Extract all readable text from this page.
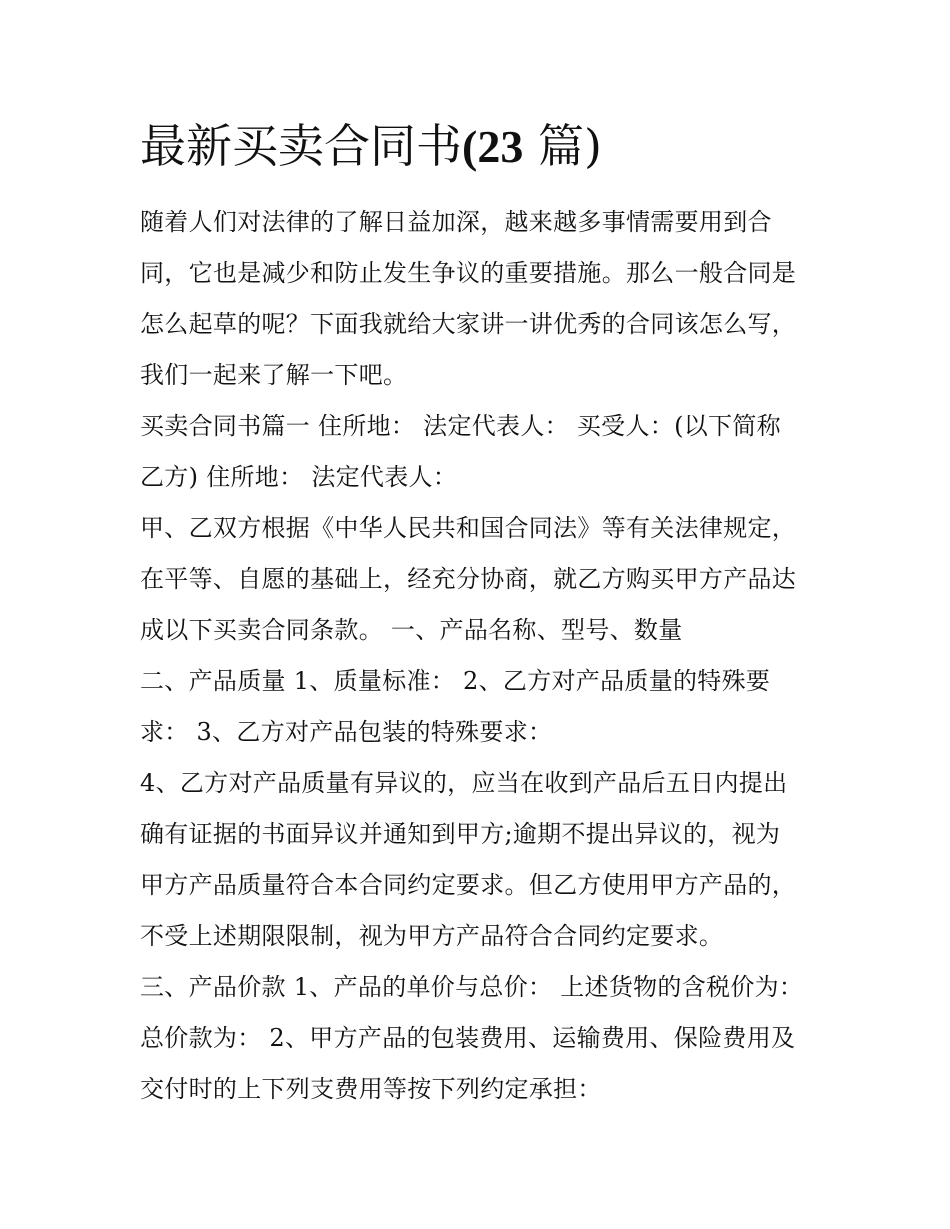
最新买卖合同书(23 篇)
随着人们对法律的了解日益加深，越来越多事情需要用到合
同，它也是减少和防止发生争议的重要措施。那么一般合同是
怎么起草的呢？下面我就给大家讲一讲优秀的合同该怎么写，
我们一起来了解一下吧。
买卖合同书篇一 住所地： 法定代表人： 买受人：(以下简称
乙方) 住所地： 法定代表人：
甲、乙双方根据《中华人民共和国合同法》等有关法律规定，
在平等、自愿的基础上，经充分协商，就乙方购买甲方产品达
成以下买卖合同条款。 一、产品名称、型号、数量
二、产品质量 1、质量标准： 2、乙方对产品质量的特殊要
求： 3、乙方对产品包装的特殊要求：
4、乙方对产品质量有异议的，应当在收到产品后五日内提出
确有证据的书面异议并通知到甲方;逾期不提出异议的，视为
甲方产品质量符合本合同约定要求。但乙方使用甲方产品的，
不受上述期限限制，视为甲方产品符合合同约定要求。
三、产品价款 1、产品的单价与总价： 上述货物的含税价为：
总价款为： 2、甲方产品的包装费用、运输费用、保险费用及
交付时的上下列支费用等按下列约定承担：
